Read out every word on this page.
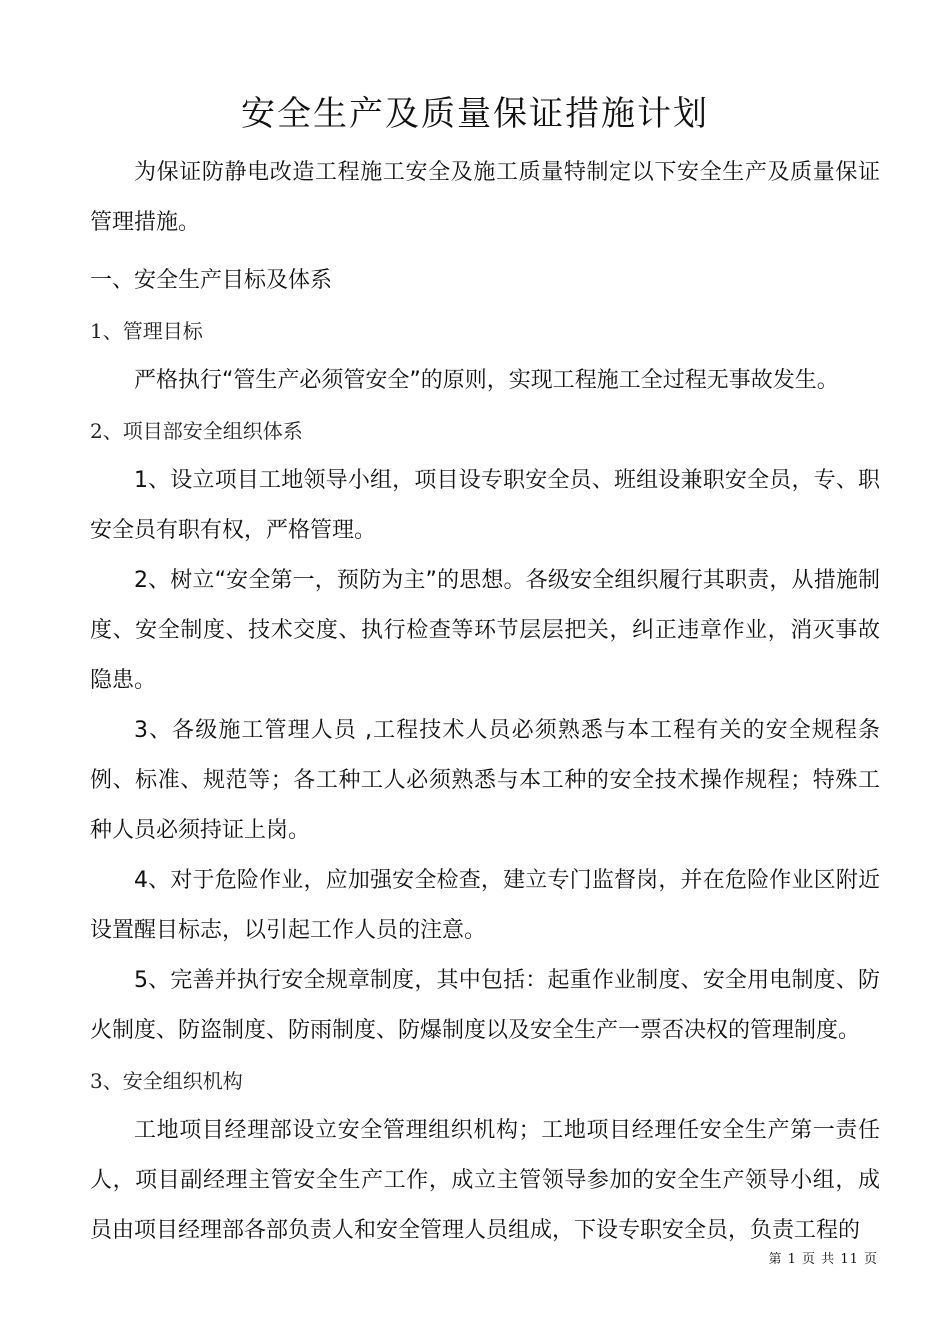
安全生产及质量保证措施计划

为保证防静电改造工程施工安全及施工质量特制定以下安全生产及质量保证管理措施。

一、安全生产目标及体系

1、管理目标

严格执行“管生产必须管安全”的原则，实现工程施工全过程无事故发生。

2、项目部安全组织体系

1、设立项目工地领导小组，项目设专职安全员、班组设兼职安全员，专、职安全员有职有权，严格管理。

2、树立“安全第一，预防为主”的思想。各级安全组织履行其职责，从措施制度、安全制度、技术交度、执行检查等环节层层把关，纠正违章作业，消灭事故隐患。

3、各级施工管理人员 ,工程技术人员必须熟悉与本工程有关的安全规程条例、标准、规范等；各工种工人必须熟悉与本工种的安全技术操作规程；特殊工种人员必须持证上岗。

4、对于危险作业，应加强安全检查，建立专门监督岗，并在危险作业区附近设置醒目标志，以引起工作人员的注意。

5、完善并执行安全规章制度，其中包括：起重作业制度、安全用电制度、防火制度、防盗制度、防雨制度、防爆制度以及安全生产一票否决权的管理制度。

3、安全组织机构

工地项目经理部设立安全管理组织机构；工地项目经理任安全生产第一责任人，项目副经理主管安全生产工作，成立主管领导参加的安全生产领导小组，成员由项目经理部各部负责人和安全管理人员组成，下设专职安全员，负责工程的

第 1 页 共 11 页
